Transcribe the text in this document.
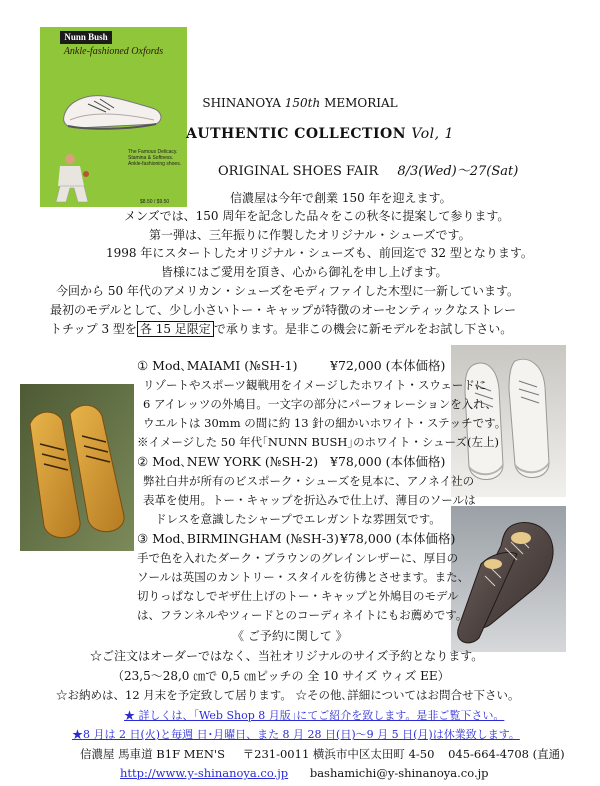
Nunn Bush
Ankle-fashioned Oxfords
The Famous Delicacy. Stamina & Softness. Ankle-fashioning shoes.
$8.50 / $9.50
SHINANOYA 150th MEMORIAL
AUTHENTIC COLLECTION Vol, 1
ORIGINAL SHOES FAIR 8/3(Wed)～27(Sat)

信濃屋は今年で創業 150 年を迎えます。

メンズでは、150 周年を記念した品々をこの秋冬に提案して参ります。

第一弾は、三年振りに作製したオリジナル・シューズです。

1998 年にスタートしたオリジナル・シューズも、前回迄で 32 型となります。

皆様にはご愛用を頂き、心から御礼を申し上げます。

今回から 50 年代のアメリカン・シューズをモディファイした木型に一新しています。

最初のモデルとして、少し小さいトー・キャップが特徴のオーセンティックなストレー

トチップ 3 型を 各 15 足限定 で承ります。是非この機会に新モデルをお試し下さい。

① Mod､MAIAMI (№SH-1)	¥72,000 (本体価格)
リゾートやスポーツ観戦用をイメージしたホワイト・スウェードに
6 アイレッツの外鳩目。一文字の部分にパーフォレーションを入れ、
ウエルトは 30mm の間に約 13 針の細かいホワイト・ステッチです。
※イメージした 50 年代｢NUNN BUSH｣のホワイト・シューズ(左上)
② Mod､NEW YORK (№SH-2) ¥78,000 (本体価格)
弊社白井が所有のビスポーク・シューズを見本に、アノネイ社の
表革を使用。トー・キャップを折込みで仕上げ、薄目のソールは
ドレスを意識したシャープでエレガントな雰囲気です。
③ Mod､BIRMINGHAM (№SH-3) ¥78,000 (本体価格)
手で色を入れたダーク・ブラウンのグレインレザーに、厚目の
ソールは英国のカントリー・スタイルを彷彿とさせます。また、
切りっぱなしでギザ仕上げのトー・キャップと外鳩目のモデル
は、フランネルやツィードとのコーディネイトにもお薦めです。
《 ご予約に関して 》
☆ご注文はオーダーではなく、当社オリジナルのサイズ予約となります。
（23,5～28,0 ㎝で 0,5 ㎝ピッチの 全 10 サイズ ウィズ EE）
☆お納めは、12 月末を予定致して居ります。 ☆その他､詳細についてはお問合せ下さい。
★ 詳しくは、｢Web Shop 8 月版｣にてご紹介を致します。是非ご覧下さい。
★8 月は 2 日(火)と毎週 日･月曜日、また 8 月 28 日(日)～9 月 5 日(月)は休業致します。
信濃屋 馬車道 B1F MEN'S 〒231-0011 横浜市中区太田町 4-50 045-664-4708 (直通)
http://www.y-shinanoya.co.jp bashamichi@y-shinanoya.co.jp
